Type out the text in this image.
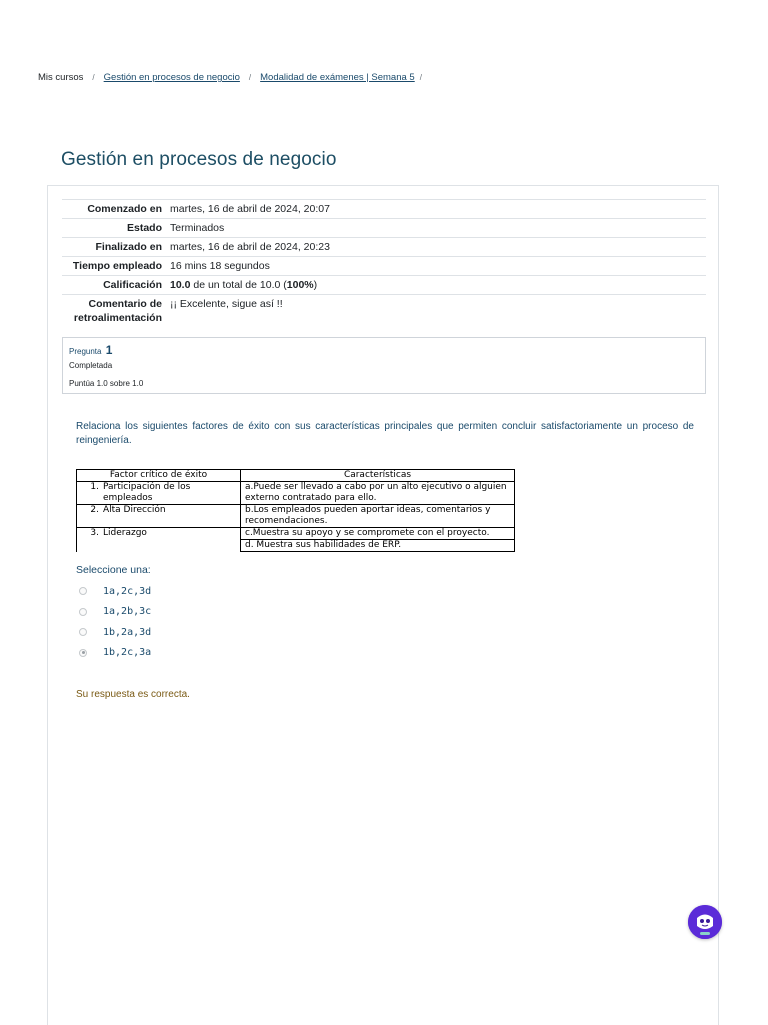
Mis cursos / Gestión en procesos de negocio / Modalidad de exámenes | Semana 5 /
Gestión en procesos de negocio
Comenzado en	martes, 16 de abril de 2024, 20:07
Estado	Terminados
Finalizado en	martes, 16 de abril de 2024, 20:23
Tiempo empleado	16 mins 18 segundos
Calificación	10.0 de un total de 10.0 (100%)
Comentario de retroalimentación	¡¡ Excelente, sigue así !!
Pregunta 1
Completada
Puntúa 1.0 sobre 1.0
Relaciona los siguientes factores de éxito con sus características principales que permiten concluir satisfactoriamente un proceso de reingeniería.
Factor crítico de éxito	Características
1. Participación de los empleados	a.Puede ser llevado a cabo por un alto ejecutivo o alguien externo contratado para ello.
2. Alta Dirección	b.Los empleados pueden aportar ideas, comentarios y recomendaciones.
3. Liderazgo	c.Muestra su apoyo y se compromete con el proyecto.
	d. Muestra sus habilidades de ERP.
Seleccione una:
1a,2c,3d
1a,2b,3c
1b,2a,3d
1b,2c,3a
Su respuesta es correcta.
